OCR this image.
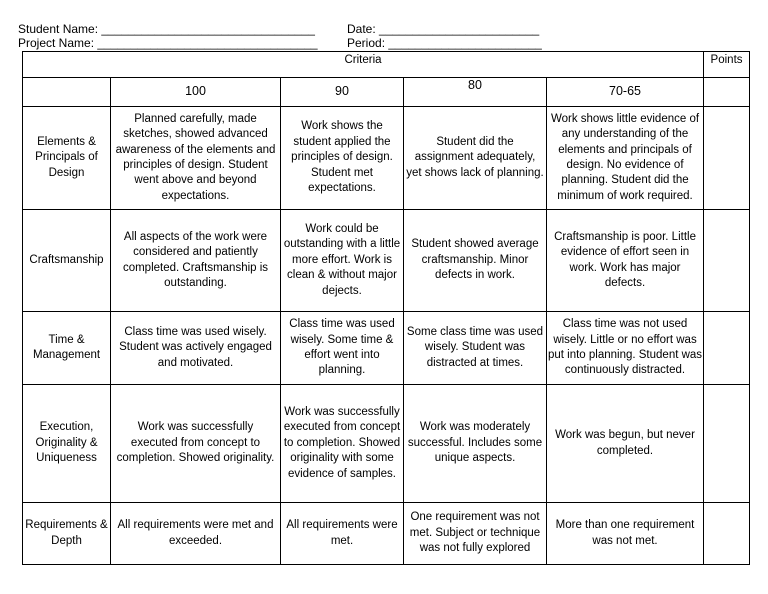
Student Name: ________________________________	Date: ________________________
Project Name: _________________________________ Period: _______________________
Criteria					Points
	100	90	80	70-65	
Elements & Principals of Design	Planned carefully, made sketches, showed advanced awareness of the elements and principles of design. Student went above and beyond expectations.	Work shows the student applied the principles of design. Student met expectations.	Student did the assignment adequately, yet shows lack of planning.	Work shows little evidence of any understanding of the elements and principals of design. No evidence of planning. Student did the minimum of work required.	
Craftsmanship	All aspects of the work were considered and patiently completed. Craftsmanship is outstanding.	Work could be outstanding with a little more effort. Work is clean & without major dejects.	Student showed average craftsmanship. Minor defects in work.	Craftsmanship is poor. Little evidence of effort seen in work. Work has major defects.	
Time & Management	Class time was used wisely. Student was actively engaged and motivated.	Class time was used wisely. Some time & effort went into planning.	Some class time was used wisely. Student was distracted at times.	Class time was not used wisely. Little or no effort was put into planning. Student was continuously distracted.	
Execution, Originality & Uniqueness	Work was successfully executed from concept to completion. Showed originality.	Work was successfully executed from concept to completion. Showed originality with some evidence of samples.	Work was moderately successful. Includes some unique aspects.	Work was begun, but never completed.	
Requirements & Depth	All requirements were met and exceeded.	All requirements were met.	One requirement was not met. Subject or technique was not fully explored	More than one requirement was not met.	
